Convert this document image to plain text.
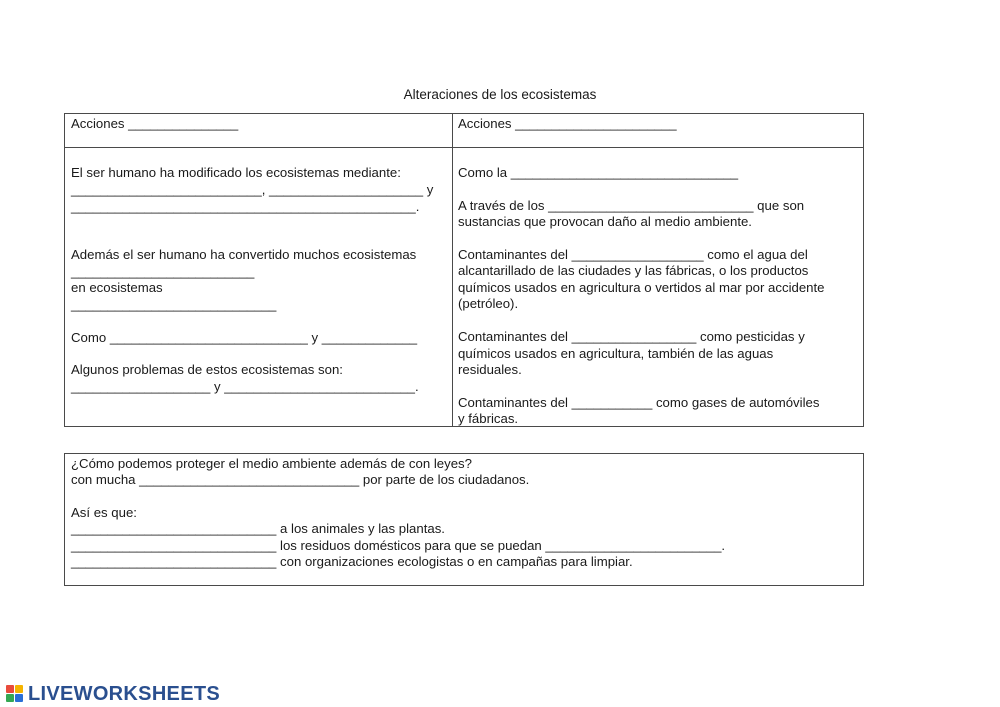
Alteraciones de los ecosistemas
Acciones _______________
El ser humano ha modificado los ecosistemas mediante:
__________________________, _____________________ y
_______________________________________________.
Además el ser humano ha convertido muchos ecosistemas
_________________________
en ecosistemas
____________________________
Como ___________________________ y _____________
Algunos problemas de estos ecosistemas son:
___________________ y __________________________.
Acciones ______________________
Como la _______________________________
A través de los ____________________________ que son
sustancias que provocan daño al medio ambiente.
Contaminantes del __________________ como el agua del
alcantarillado de las ciudades y las fábricas, o los productos
químicos usados en agricultura o vertidos al mar por accidente
(petróleo).
Contaminantes del _________________ como pesticidas y
químicos usados en agricultura, también de las aguas
residuales.
Contaminantes del ___________ como gases de automóviles
y fábricas.
¿Cómo podemos proteger el medio ambiente además de con leyes?
con mucha ______________________________ por parte de los ciudadanos.
Así es que:
____________________________ a los animales y las plantas.
____________________________ los residuos domésticos para que se puedan ________________________.
____________________________ con organizaciones ecologistas o en campañas para limpiar.
LIVEWORKSHEETS
